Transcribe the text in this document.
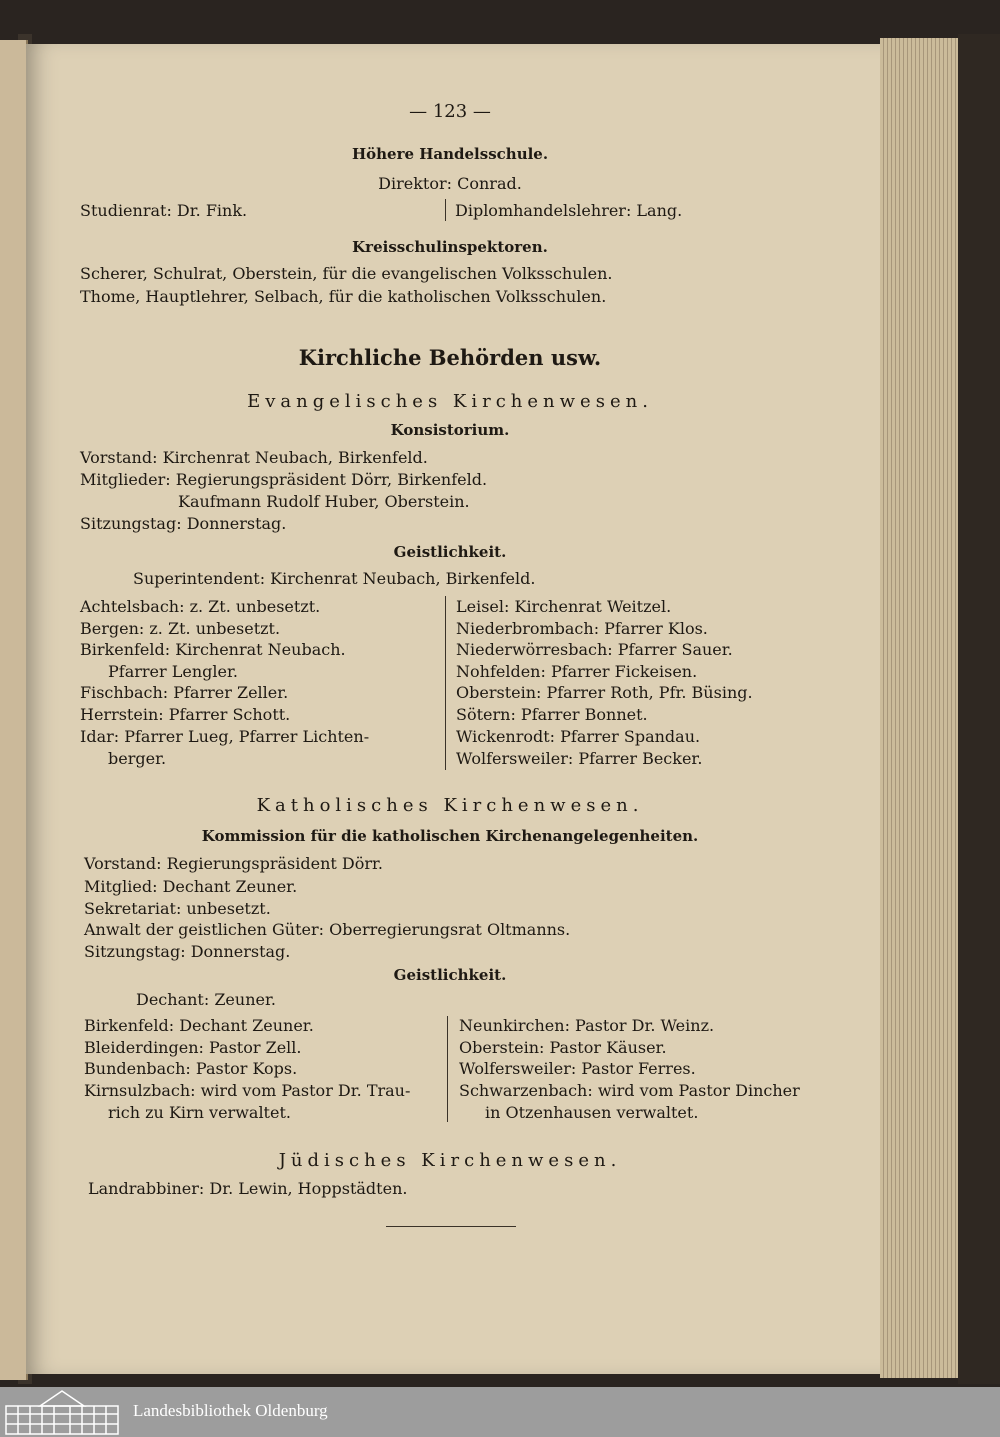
— 123 —
Höhere Handelsschule.
Direktor: Conrad.
Studienrat: Dr. Fink.	Diplomhandelslehrer: Lang.
Kreisschulinspektoren.
Scherer, Schulrat, Oberstein, für die evangelischen Volksschulen.
Thome, Hauptlehrer, Selbach, für die katholischen Volksschulen.
Kirchliche Behörden usw.
Evangelisches Kirchenwesen.
Konsistorium.
Vorstand: Kirchenrat Neubach, Birkenfeld.
Mitglieder: Regierungspräsident Dörr, Birkenfeld.
Kaufmann Rudolf Huber, Oberstein.
Sitzungstag: Donnerstag.
Geistlichkeit.
Superintendent: Kirchenrat Neubach, Birkenfeld.
Achtelsbach: z. Zt. unbesetzt.
Bergen: z. Zt. unbesetzt.
Birkenfeld: Kirchenrat Neubach.
Pfarrer Lengler.
Fischbach: Pfarrer Zeller.
Herrstein: Pfarrer Schott.
Idar: Pfarrer Lueg, Pfarrer Lichten-
berger.
Leisel: Kirchenrat Weitzel.
Niederbrombach: Pfarrer Klos.
Niederwörresbach: Pfarrer Sauer.
Nohfelden: Pfarrer Fickeisen.
Oberstein: Pfarrer Roth, Pfr. Büsing.
Sötern: Pfarrer Bonnet.
Wickenrodt: Pfarrer Spandau.
Wolfersweiler: Pfarrer Becker.
Katholisches Kirchenwesen.
Kommission für die katholischen Kirchenangelegenheiten.
Vorstand: Regierungspräsident Dörr.
Mitglied: Dechant Zeuner.
Sekretariat: unbesetzt.
Anwalt der geistlichen Güter: Oberregierungsrat Oltmanns.
Sitzungstag: Donnerstag.
Geistlichkeit.
Dechant: Zeuner.
Birkenfeld: Dechant Zeuner.
Bleiderdingen: Pastor Zell.
Bundenbach: Pastor Kops.
Kirnsulzbach: wird vom Pastor Dr. Trau-
rich zu Kirn verwaltet.
Neunkirchen: Pastor Dr. Weinz.
Oberstein: Pastor Käuser.
Wolfersweiler: Pastor Ferres.
Schwarzenbach: wird vom Pastor Dincher
in Otzenhausen verwaltet.
Jüdisches Kirchenwesen.
Landrabbiner: Dr. Lewin, Hoppstädten.
Landesbibliothek Oldenburg
